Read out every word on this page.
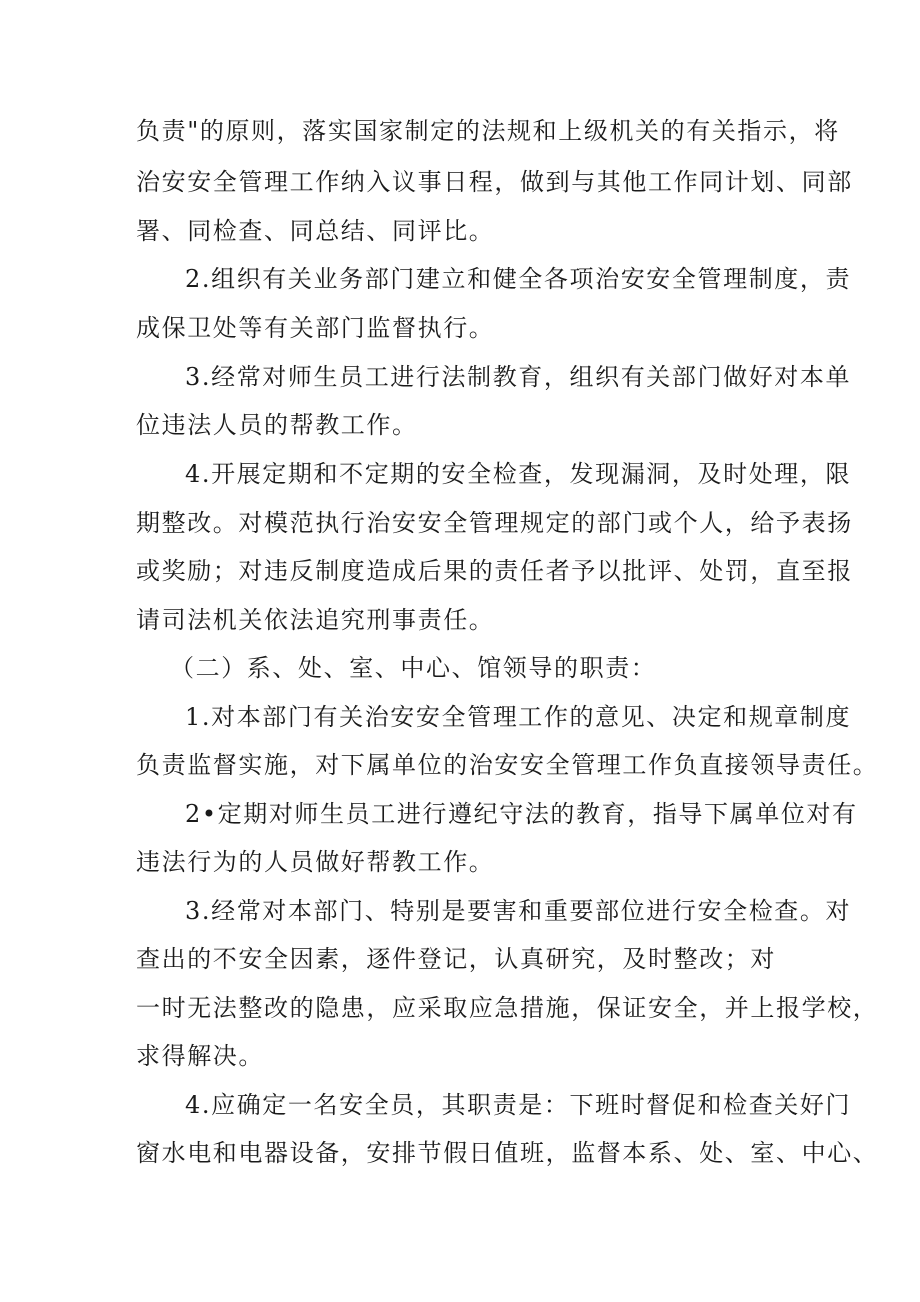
负责"的原则，落实国家制定的法规和上级机关的有关指示，将
治安安全管理工作纳入议事日程，做到与其他工作同计划、同部
署、同检查、同总结、同评比。
2.组织有关业务部门建立和健全各项治安安全管理制度，责
成保卫处等有关部门监督执行。
3.经常对师生员工进行法制教育，组织有关部门做好对本单
位违法人员的帮教工作。
4.开展定期和不定期的安全检查，发现漏洞，及时处理，限
期整改。对模范执行治安安全管理规定的部门或个人，给予表扬
或奖励；对违反制度造成后果的责任者予以批评、处罚，直至报
请司法机关依法追究刑事责任。
（二）系、处、室、中心、馆领导的职责：
1.对本部门有关治安安全管理工作的意见、决定和规章制度
负责监督实施，对下属单位的治安安全管理工作负直接领导责任。
2•定期对师生员工进行遵纪守法的教育，指导下属单位对有
违法行为的人员做好帮教工作。
3.经常对本部门、特别是要害和重要部位进行安全检查。对
查出的不安全因素，逐件登记，认真研究，及时整改；对
一时无法整改的隐患，应采取应急措施，保证安全，并上报学校，
求得解决。
4.应确定一名安全员，其职责是：下班时督促和检查关好门
窗水电和电器设备，安排节假日值班，监督本系、处、室、中心、
